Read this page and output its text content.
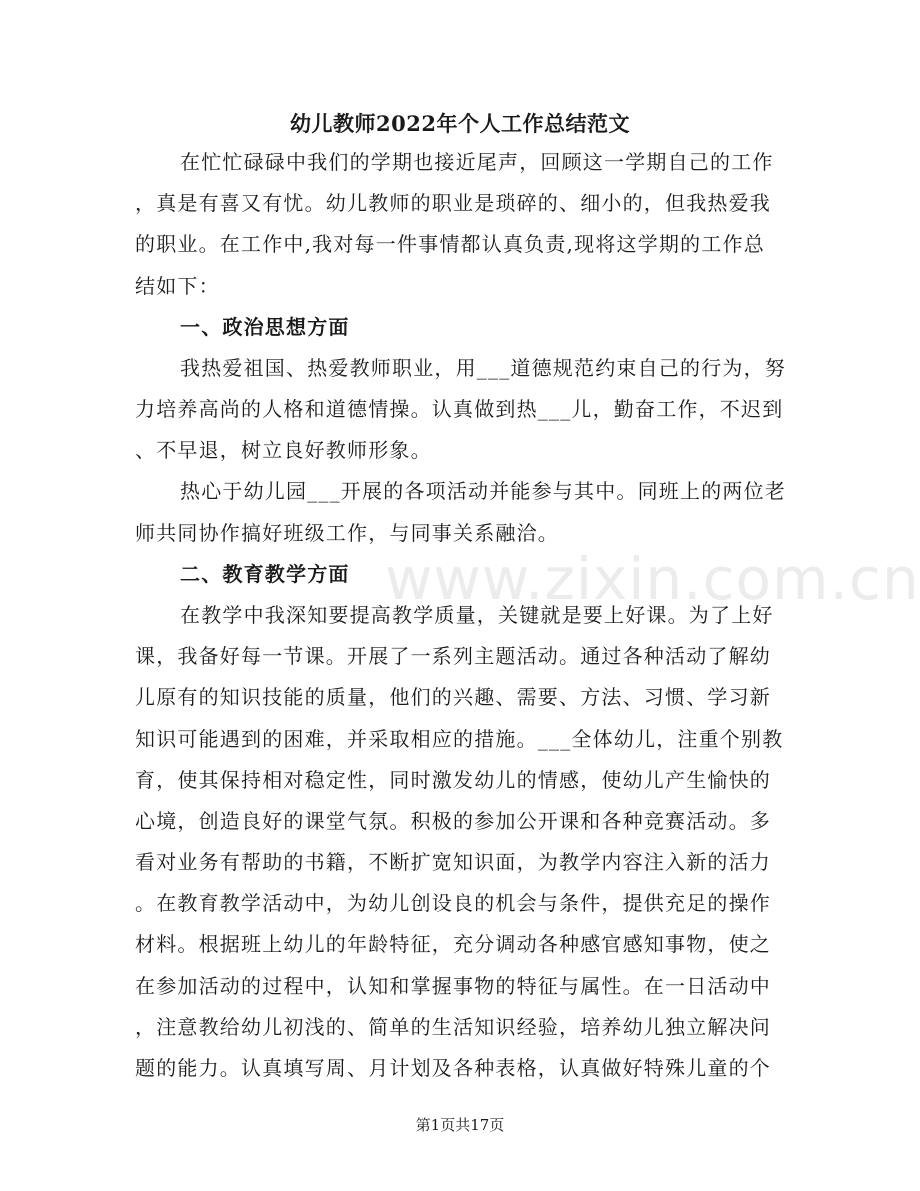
www.zixin.com.cn
幼儿教师2022年个人工作总结范文
在忙忙碌碌中我们的学期也接近尾声，回顾这一学期自己的工作
，真是有喜又有忧。幼儿教师的职业是琐碎的、细小的，但我热爱我
的职业。在工作中,我对每一件事情都认真负责,现将这学期的工作总
结如下：
一、政治思想方面
我热爱祖国、热爱教师职业，用___道德规范约束自己的行为，努
力培养高尚的人格和道德情操。认真做到热___儿，勤奋工作，不迟到
、不早退，树立良好教师形象。
热心于幼儿园___开展的各项活动并能参与其中。同班上的两位老
师共同协作搞好班级工作，与同事关系融洽。
二、教育教学方面
在教学中我深知要提高教学质量，关键就是要上好课。为了上好
课，我备好每一节课。开展了一系列主题活动。通过各种活动了解幼
儿原有的知识技能的质量，他们的兴趣、需要、方法、习惯、学习新
知识可能遇到的困难，并采取相应的措施。___全体幼儿，注重个别教
育，使其保持相对稳定性，同时激发幼儿的情感，使幼儿产生愉快的
心境，创造良好的课堂气氛。积极的参加公开课和各种竞赛活动。多
看对业务有帮助的书籍，不断扩宽知识面，为教学内容注入新的活力
。在教育教学活动中，为幼儿创设良的机会与条件，提供充足的操作
材料。根据班上幼儿的年龄特征，充分调动各种感官感知事物，使之
在参加活动的过程中，认知和掌握事物的特征与属性。在一日活动中
第1页共17页
，注意教给幼儿初浅的、简单的生活知识经验，培养幼儿独立解决问
题的能力。认真填写周、月计划及各种表格，认真做好特殊儿童的个
